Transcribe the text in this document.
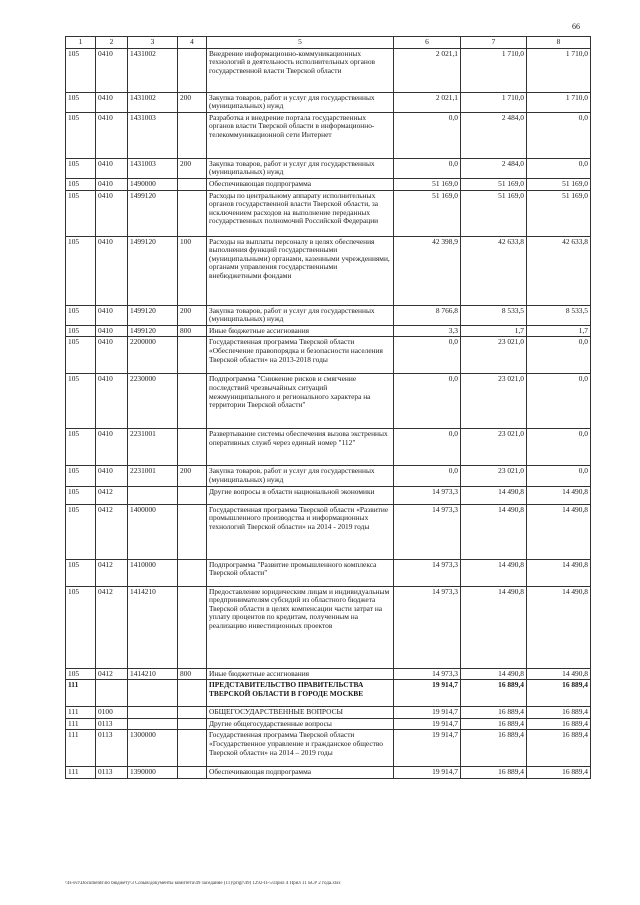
66
1	2	3	4	5	6	7	8
105	0410	1431002		Внедрение информационно-коммуникационных технологий в деятельность исполнительных органов государственной власти Тверской области	2 021,1	1 710,0	1 710,0
105	0410	1431002	200	Закупка товаров, работ и услуг для государственных (муниципальных) нужд	2 021,1	1 710,0	1 710,0
105	0410	1431003		Разработка и внедрение портала государственных органов власти Тверской области в информационно-телекоммуникационной сети Интернет	0,0	2 484,0	0,0
105	0410	1431003	200	Закупка товаров, работ и услуг для государственных (муниципальных) нужд	0,0	2 484,0	0,0
105	0410	1490000		Обеспечивающая подпрограмма	51 169,0	51 169,0	51 169,0
105	0410	1499120		Расходы по центральному аппарату исполнительных органов государственной власти Тверской области, за исключением расходов на выполнение переданных государственных полномочий Российской Федерации	51 169,0	51 169,0	51 169,0
105	0410	1499120	100	Расходы на выплаты персоналу в целях обеспечения выполнения функций государственными (муниципальными) органами, казенными учреждениями, органами управления государственными внебюджетными фондами	42 398,9	42 633,8	42 633,8
105	0410	1499120	200	Закупка товаров, работ и услуг для государственных (муниципальных) нужд	8 766,8	8 533,5	8 533,5
105	0410	1499120	800	Иные бюджетные ассигнования	3,3	1,7	1,7
105	0410	2200000		Государственная программа Тверской области «Обеспечение правопорядка и безопасности населения Тверской области» на 2013-2018 годы	0,0	23 021,0	0,0
105	0410	2230000		Подпрограмма "Снижение рисков и смягчение последствий чрезвычайных ситуаций межмуниципального и регионального характера на территории Тверской области"	0,0	23 021,0	0,0
105	0410	2231001		Развертывание системы обеспечения вызова экстренных оперативных служб через единый номер "112"	0,0	23 021,0	0,0
105	0410	2231001	200	Закупка товаров, работ и услуг для государственных (муниципальных) нужд	0,0	23 021,0	0,0
105	0412			Другие вопросы в области национальной экономики	14 973,3	14 490,8	14 490,8
105	0412	1400000		Государственная программа Тверской области «Развитие промышленного производства и информационных технологий Тверской области» на 2014 - 2019 годы	14 973,3	14 490,8	14 490,8
105	0412	1410000		Подпрограмма "Развитие промышленного комплекса Тверской области"	14 973,3	14 490,8	14 490,8
105	0412	1414210		Предоставление юридическим лицам и индивидуальным предпринимателям субсидий из областного бюджета Тверской области в целях компенсации части затрат на уплату процентов по кредитам, полученным на реализацию инвестиционных проектов	14 973,3	14 490,8	14 490,8
105	0412	1414210	800	Иные бюджетные ассигнования	14 973,3	14 490,8	14 490,8
111				ПРЕДСТАВИТЕЛЬСТВО ПРАВИТЕЛЬСТВА ТВЕРСКОЙ ОБЛАСТИ В ГОРОДЕ МОСКВЕ	19 914,7	16 889,4	16 889,4
111	0100			ОБЩЕГОСУДАРСТВЕННЫЕ ВОПРОСЫ	19 914,7	16 889,4	16 889,4
111	0113			Другие общегосударственные вопросы	19 914,7	16 889,4	16 889,4
111	0113	1300000		Государственная программа Тверской области «Государственное управление и гражданское общество Тверской области» на 2014 – 2019 годы	19 914,7	16 889,4	16 889,4
111	0113	1390000		Обеспечивающая подпрограмма	19 914,7	16 889,4	16 889,4
\\fs-svr\Documents\по бюджету\3 Созыв\документы комитета\49 заседание (11)\prigr\49) 1292-П-5\Прил 4 Прил 11 БСР 2 года.xlsx
